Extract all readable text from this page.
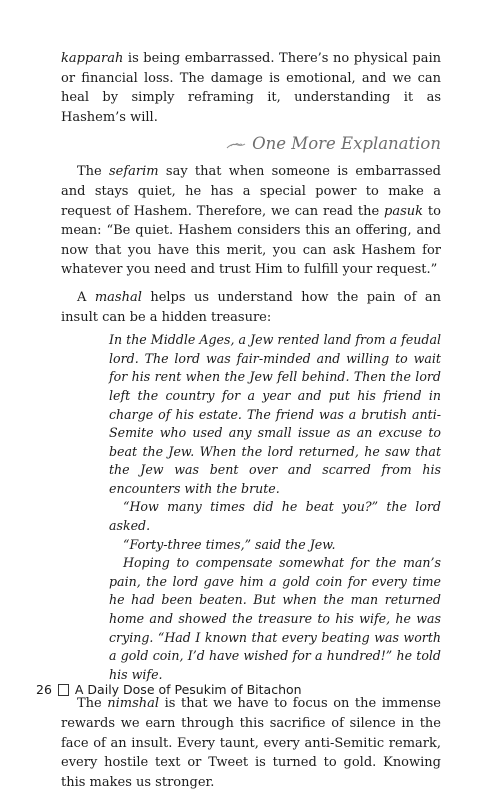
kapparah is being embarrassed. There’s no physical pain or financial loss. The damage is emotional, and we can heal by simply reframing it, understanding it as Hashem’s will.

One More Explanation

The sefarim say that when someone is embarrassed and stays quiet, he has a special power to make a request of Hashem. Therefore, we can read the pasuk to mean: “Be quiet. Hashem considers this an offering, and now that you have this merit, you can ask Hashem for whatever you need and trust Him to fulfill your request.”

A mashal helps us understand how the pain of an insult can be a hidden treasure:

In the Middle Ages, a Jew rented land from a feudal lord. The lord was fair-minded and willing to wait for his rent when the Jew fell behind. Then the lord left the country for a year and put his friend in charge of his estate. The friend was a brutish anti-Semite who used any small issue as an excuse to beat the Jew. When the lord returned, he saw that the Jew was bent over and scarred from his encounters with the brute.

“How many times did he beat you?” the lord asked.

“Forty-three times,” said the Jew.

Hoping to compensate somewhat for the man’s pain, the lord gave him a gold coin for every time he had been beaten. But when the man returned home and showed the treasure to his wife, he was crying. “Had I known that every beating was worth a gold coin, I’d have wished for a hundred!” he told his wife.

The nimshal is that we have to focus on the immense rewards we earn through this sacrifice of silence in the face of an insult. Every taunt, every anti-Semitic remark, every hostile text or Tweet is turned to gold. Knowing this makes us stronger.

26 A Daily Dose of Pesukim of Bitachon
